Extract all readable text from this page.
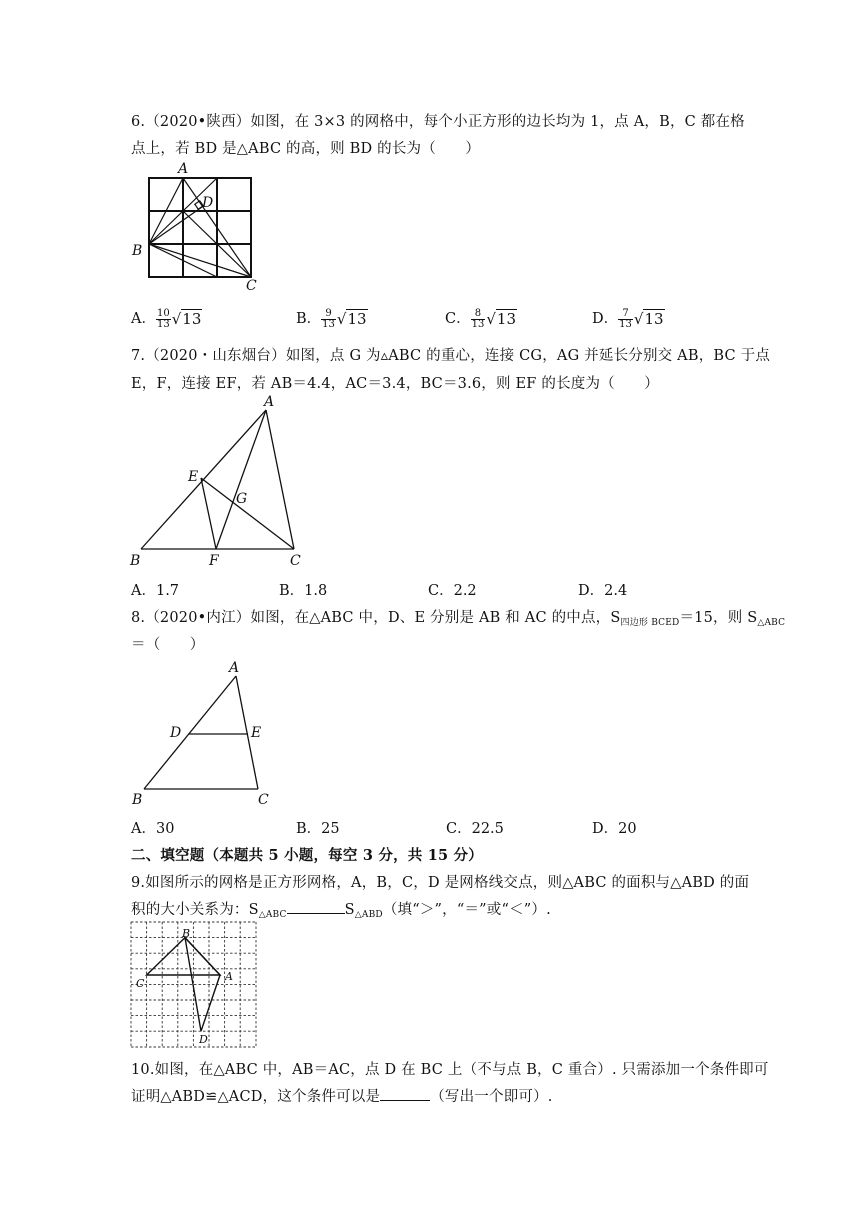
6.（2020•陕西）如图，在 3×3 的网格中，每个小正方形的边长均为 1，点 A，B，C 都在格
点上，若 BD 是△ABC 的高，则 BD 的长为（　　）
A
D
B
C
A． $\frac{10}{13} √13$	B． $\frac{9}{13} √13$	C． $\frac{8}{13} √13$	D． $\frac{7}{13} √13$
7.（2020・山东烟台）如图，点 G 为▵ABC 的重心，连接 CG，AG 并延长分别交 AB，BC 于点
E，F，连接 EF，若 AB＝4.4，AC＝3.4，BC＝3.6，则 EF 的长度为（　　）
A
E
G
B	F	C
A．1.7	B．1.8	C．2.2	D．2.4
8.（2020•内江）如图，在△ABC 中，D、E 分别是 AB 和 AC 的中点，$S_{四边形 BCED}=15$，则 $S_{\triangle ABC}$
＝（　　）
A
D	E
B	C
A．30	B．25	C．22.5	D．20
二、填空题（本题共 5 小题，每空 3 分，共 15 分）
9.如图所示的网格是正方形网格，A，B，C，D 是网格线交点，则△ABC 的面积与△ABD 的面
积的大小关系为：$S_{\triangle ABC}$	$S_{\triangle ABD}$（填“＞”，“＝”或“＜”）.
B
A
C
D
10.如图，在△ABC 中，AB＝AC，点 D 在 BC 上（不与点 B，C 重合）. 只需添加一个条件即可
证明△ABD≌△ACD，这个条件可以是	（写出一个即可）.
